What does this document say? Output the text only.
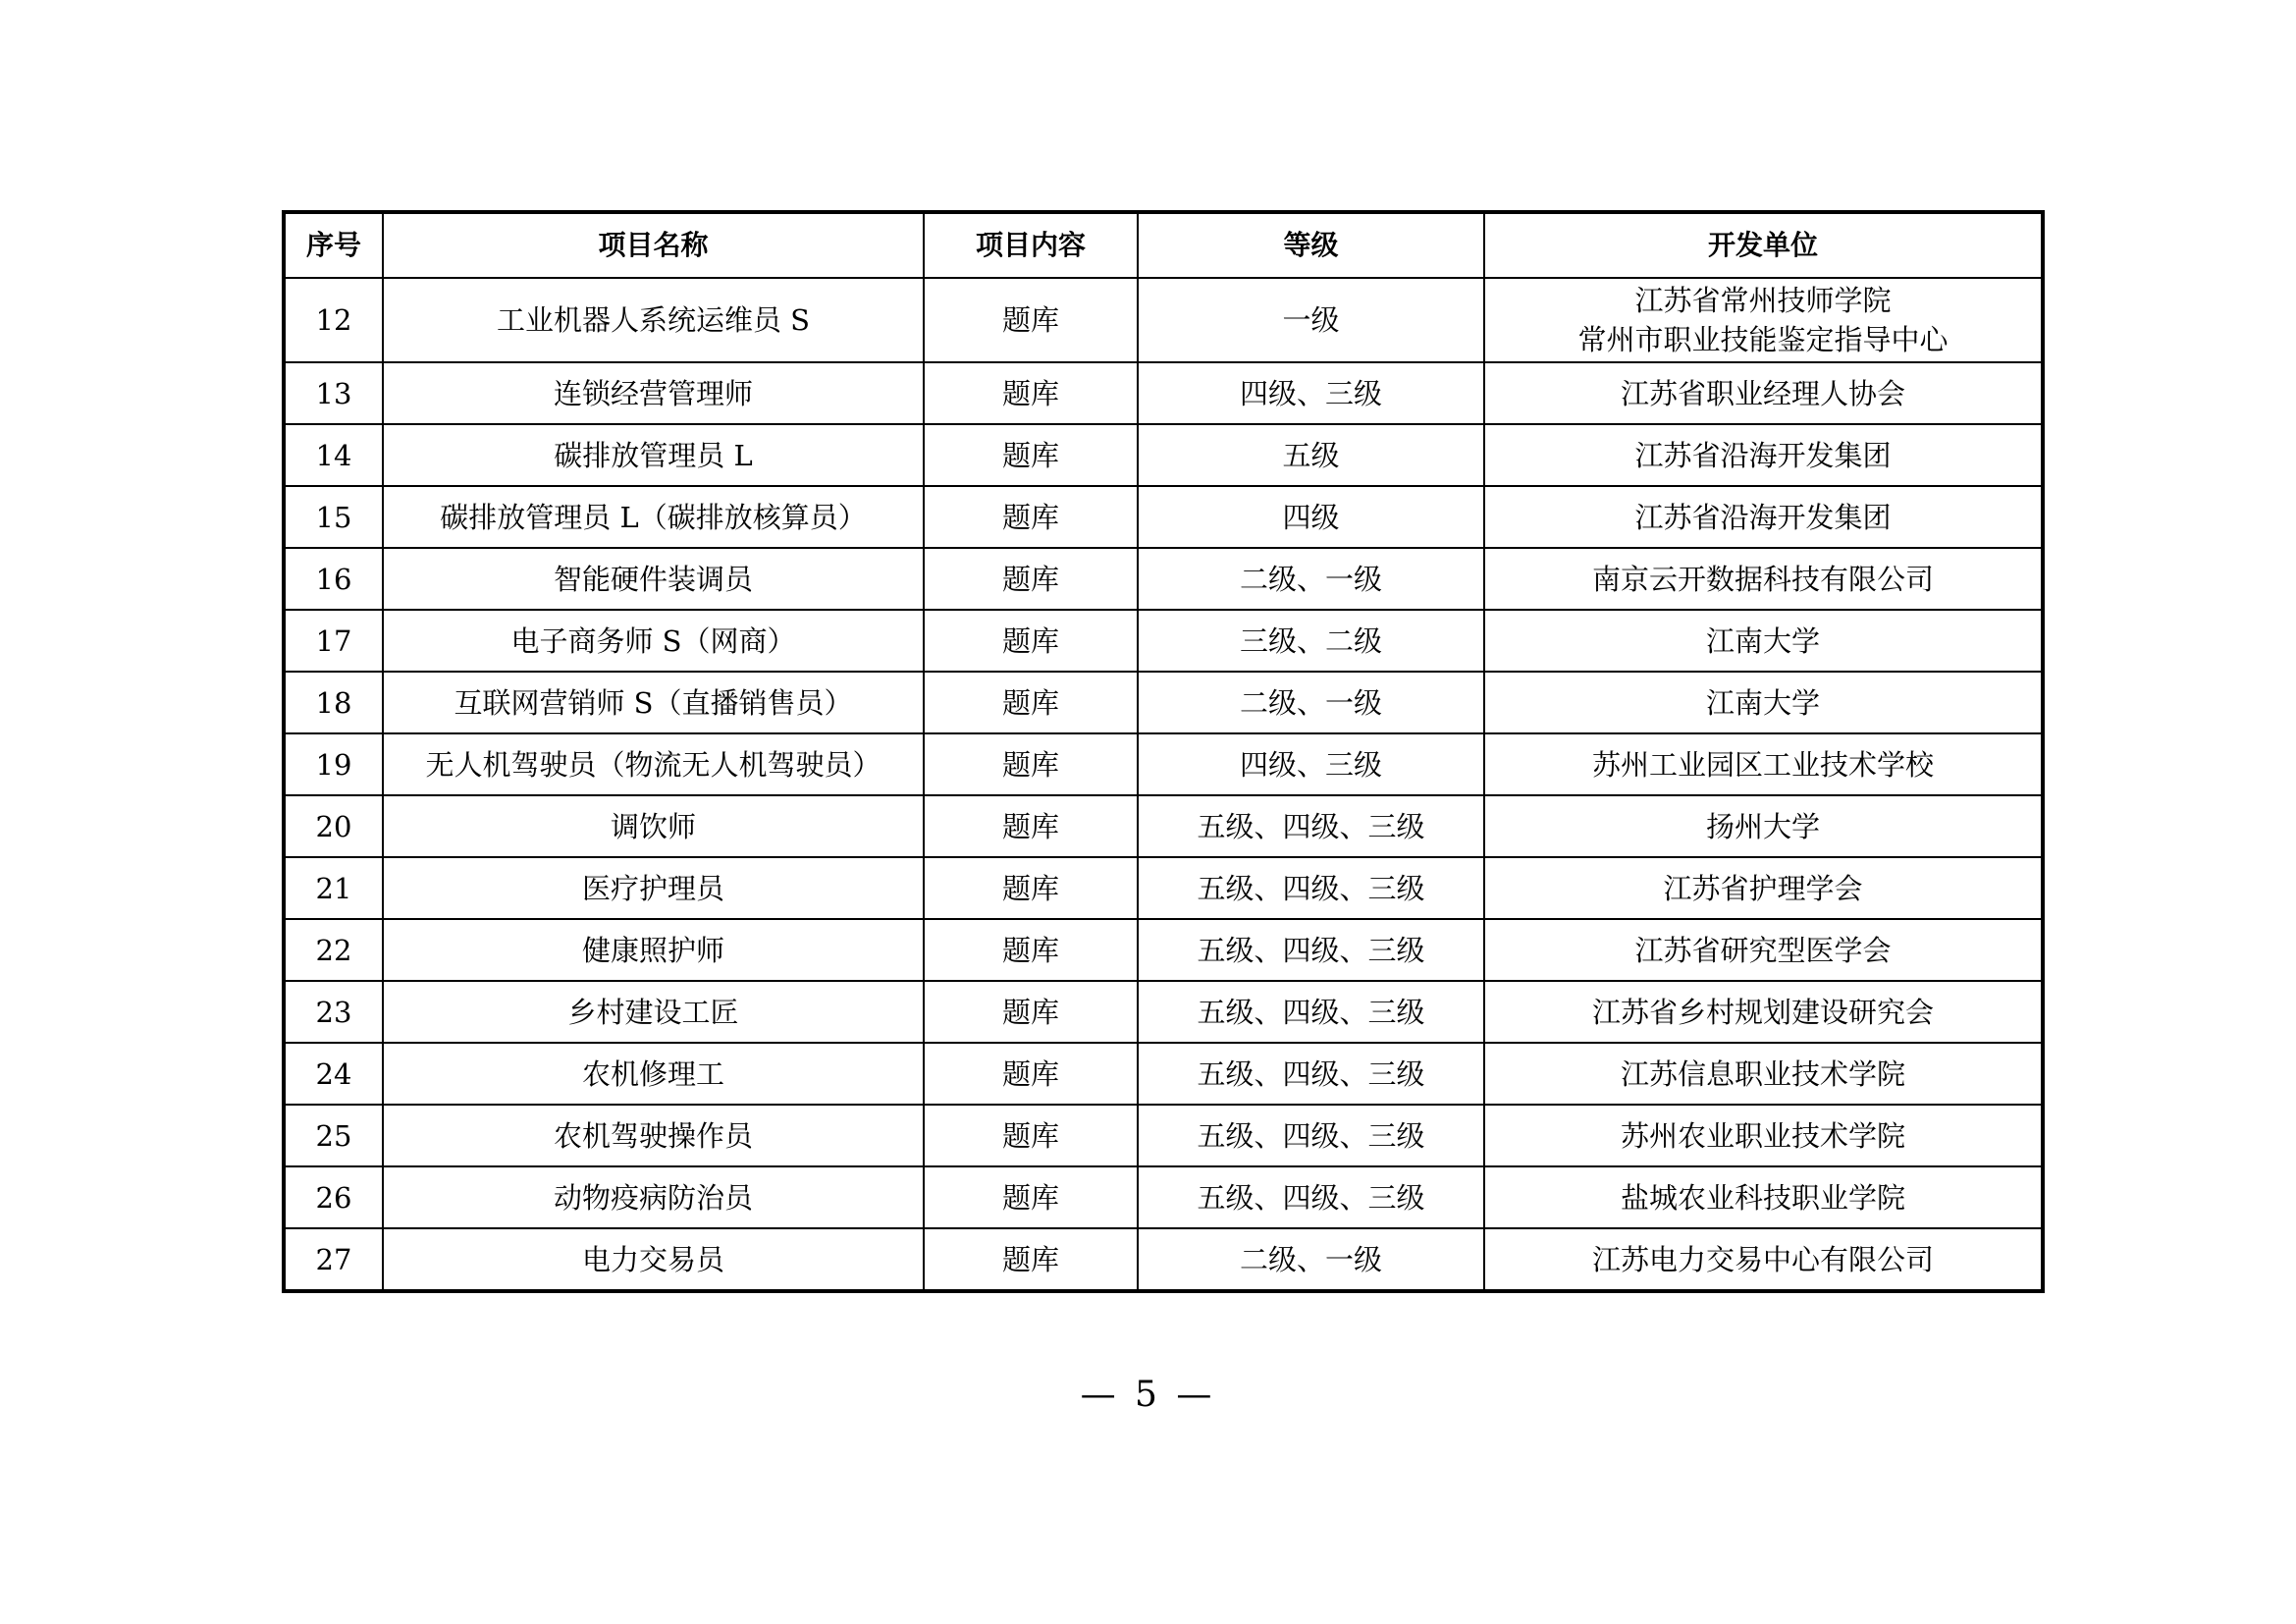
序号	项目名称	项目内容	等级	开发单位
12	工业机器人系统运维员 S	题库	一级	江苏省常州技师学院
常州市职业技能鉴定指导中心

13	连锁经营管理师	题库	四级、三级	江苏省职业经理人协会

14	碳排放管理员 L	题库	五级	江苏省沿海开发集团

15	碳排放管理员 L（碳排放核算员）	题库	四级	江苏省沿海开发集团

16	智能硬件装调员	题库	二级、一级	南京云开数据科技有限公司

17	电子商务师 S（网商）	题库	三级、二级	江南大学

18	互联网营销师 S（直播销售员）	题库	二级、一级	江南大学

19	无人机驾驶员（物流无人机驾驶员）	题库	四级、三级	苏州工业园区工业技术学校

20	调饮师	题库	五级、四级、三级	扬州大学

21	医疗护理员	题库	五级、四级、三级	江苏省护理学会

22	健康照护师	题库	五级、四级、三级	江苏省研究型医学会

23	乡村建设工匠	题库	五级、四级、三级	江苏省乡村规划建设研究会

24	农机修理工	题库	五级、四级、三级	江苏信息职业技术学院

25	农机驾驶操作员	题库	五级、四级、三级	苏州农业职业技术学院

26	动物疫病防治员	题库	五级、四级、三级	盐城农业科技职业学院

27	电力交易员	题库	二级、一级	江苏电力交易中心有限公司
— 5 —
